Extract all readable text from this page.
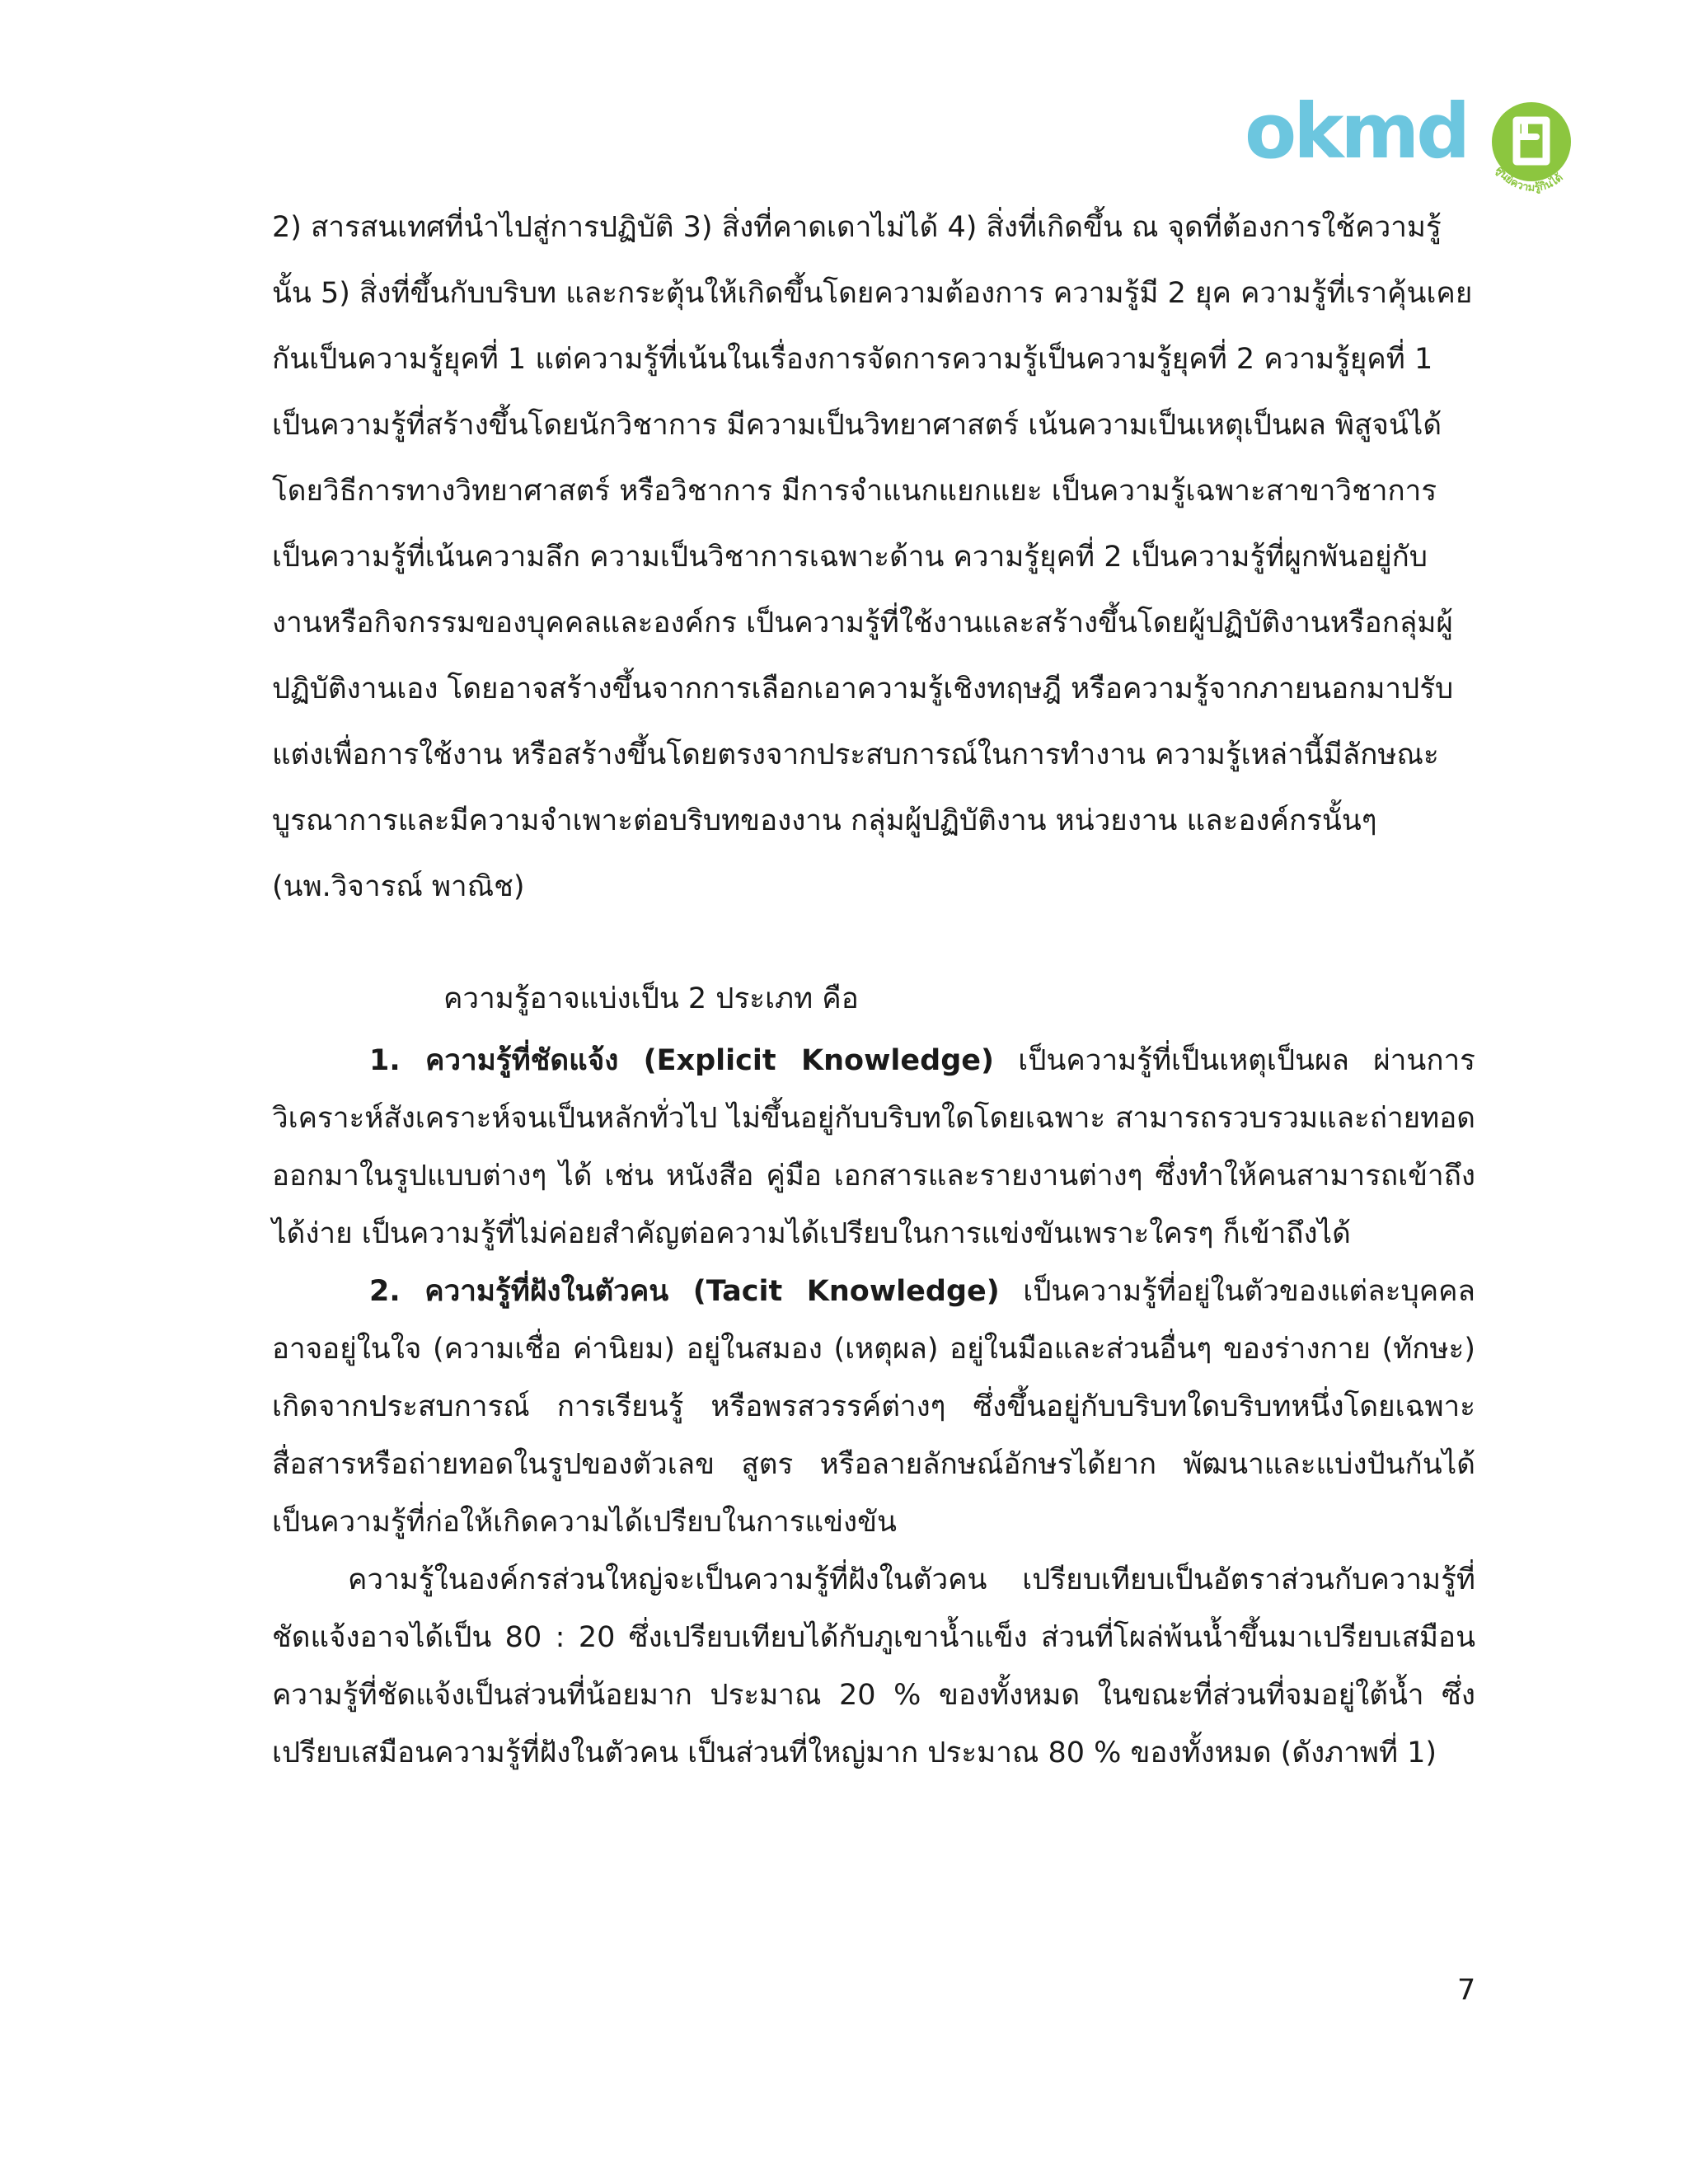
okmd ศูนย์ความรู้กินได้

2) สารสนเทศที่นำไปสู่การปฏิบัติ 3) สิ่งที่คาดเดาไม่ได้ 4) สิ่งที่เกิดขึ้น ณ จุดที่ต้องการใช้ความรู้นั้น 5) สิ่งที่ขึ้นกับบริบท และกระตุ้นให้เกิดขึ้นโดยความต้องการ ความรู้มี 2 ยุค ความรู้ที่เราคุ้นเคยกันเป็นความรู้ยุคที่ 1 แต่ความรู้ที่เน้นในเรื่องการจัดการความรู้เป็นความรู้ยุคที่ 2 ความรู้ยุคที่ 1 เป็นความรู้ที่สร้างขึ้นโดยนักวิชาการ มีความเป็นวิทยาศาสตร์ เน้นความเป็นเหตุเป็นผล พิสูจน์ได้โดยวิธีการทางวิทยาศาสตร์ หรือวิชาการ มีการจำแนกแยกแยะ เป็นความรู้เฉพาะสาขาวิชาการ เป็นความรู้ที่เน้นความลึก ความเป็นวิชาการเฉพาะด้าน ความรู้ยุคที่ 2 เป็นความรู้ที่ผูกพันอยู่กับงานหรือกิจกรรมของบุคคลและองค์กร เป็นความรู้ที่ใช้งานและสร้างขึ้นโดยผู้ปฏิบัติงานหรือกลุ่มผู้ปฏิบัติงานเอง โดยอาจสร้างขึ้นจากการเลือกเอาความรู้เชิงทฤษฎี หรือความรู้จากภายนอกมาปรับแต่งเพื่อการใช้งาน หรือสร้างขึ้นโดยตรงจากประสบการณ์ในการทำงาน ความรู้เหล่านี้มีลักษณะบูรณาการและมีความจำเพาะต่อบริบทของงาน กลุ่มผู้ปฏิบัติงาน หน่วยงาน และองค์กรนั้นๆ (นพ.วิจารณ์ พาณิช)

ความรู้อาจแบ่งเป็น 2 ประเภท คือ

1. ความรู้ที่ชัดแจ้ง (Explicit Knowledge) เป็นความรู้ที่เป็นเหตุเป็นผล ผ่านการวิเคราะห์สังเคราะห์จนเป็นหลักทั่วไป ไม่ขึ้นอยู่กับบริบทใดโดยเฉพาะ สามารถรวบรวมและถ่ายทอดออกมาในรูปแบบต่างๆ ได้ เช่น หนังสือ คู่มือ เอกสารและรายงานต่างๆ ซึ่งทำให้คนสามารถเข้าถึงได้ง่าย เป็นความรู้ที่ไม่ค่อยสำคัญต่อความได้เปรียบในการแข่งขันเพราะใครๆ ก็เข้าถึงได้

2. ความรู้ที่ฝังในตัวคน (Tacit Knowledge) เป็นความรู้ที่อยู่ในตัวของแต่ละบุคคล อาจอยู่ในใจ (ความเชื่อ ค่านิยม) อยู่ในสมอง (เหตุผล) อยู่ในมือและส่วนอื่นๆ ของร่างกาย (ทักษะ) เกิดจากประสบการณ์ การเรียนรู้ หรือพรสวรรค์ต่างๆ ซึ่งขึ้นอยู่กับบริบทใดบริบทหนึ่งโดยเฉพาะ สื่อสารหรือถ่ายทอดในรูปของตัวเลข สูตร หรือลายลักษณ์อักษรได้ยาก พัฒนาและแบ่งปันกันได้ เป็นความรู้ที่ก่อให้เกิดความได้เปรียบในการแข่งขัน

ความรู้ในองค์กรส่วนใหญ่จะเป็นความรู้ที่ฝังในตัวคน เปรียบเทียบเป็นอัตราส่วนกับความรู้ที่ชัดแจ้งอาจได้เป็น 80 : 20 ซึ่งเปรียบเทียบได้กับภูเขาน้ำแข็ง ส่วนที่โผล่พ้นน้ำขึ้นมาเปรียบเสมือนความรู้ที่ชัดแจ้งเป็นส่วนที่น้อยมาก ประมาณ 20 % ของทั้งหมด ในขณะที่ส่วนที่จมอยู่ใต้น้ำ ซึ่งเปรียบเสมือนความรู้ที่ฝังในตัวคน เป็นส่วนที่ใหญ่มาก ประมาณ 80 % ของทั้งหมด (ดังภาพที่ 1)

7
